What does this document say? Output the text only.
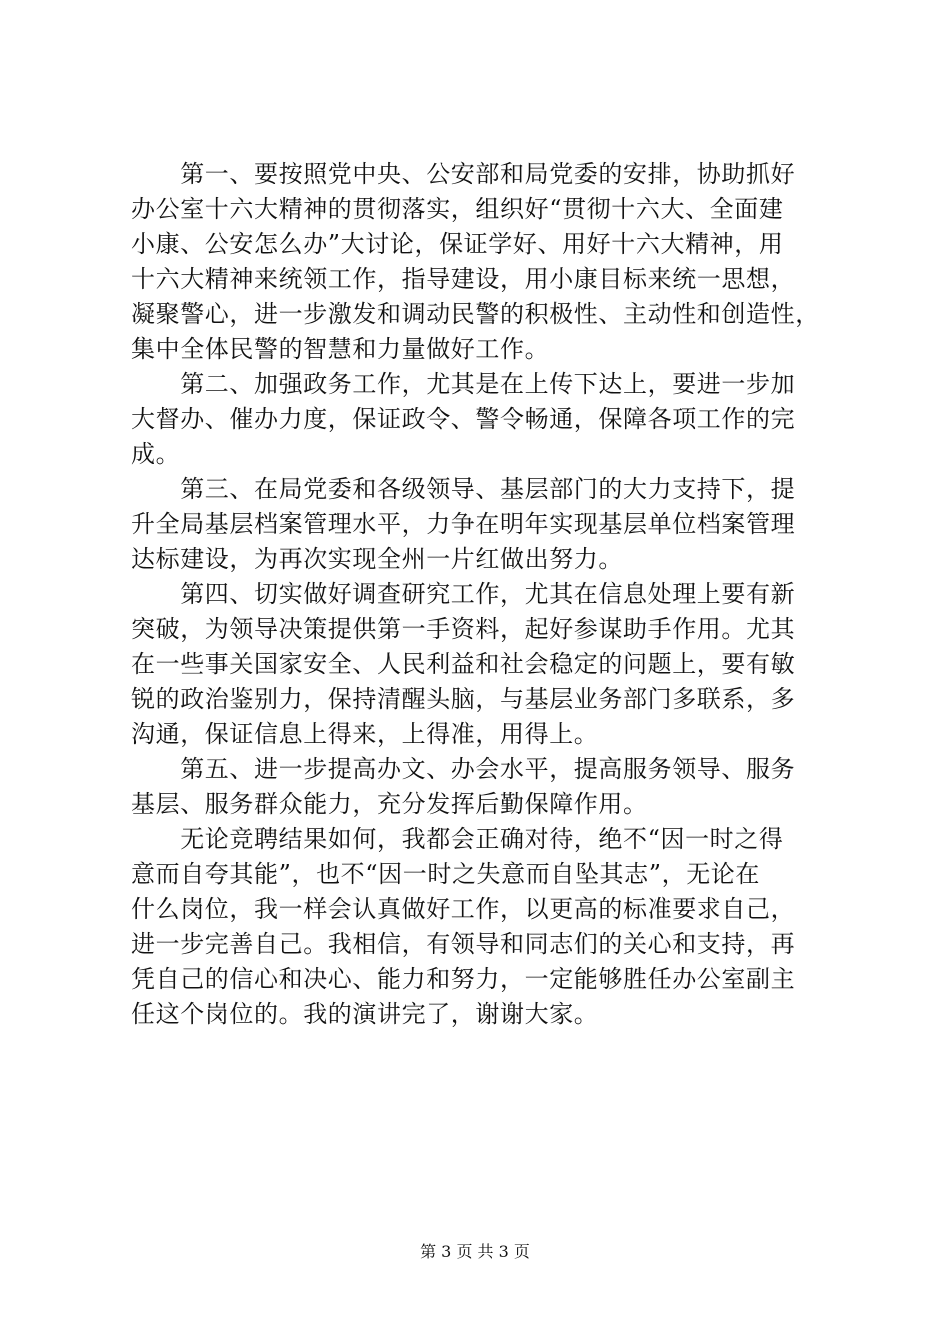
　　第一、要按照党中央、公安部和局党委的安排，协助抓好
办公室十六大精神的贯彻落实，组织好“贯彻十六大、全面建
小康、公安怎么办”大讨论，保证学好、用好十六大精神，用
十六大精神来统领工作，指导建设，用小康目标来统一思想，
凝聚警心，进一步激发和调动民警的积极性、主动性和创造性，
集中全体民警的智慧和力量做好工作。
　　第二、加强政务工作，尤其是在上传下达上，要进一步加
大督办、催办力度，保证政令、警令畅通，保障各项工作的完
成。
　　第三、在局党委和各级领导、基层部门的大力支持下，提
升全局基层档案管理水平，力争在明年实现基层单位档案管理
达标建设，为再次实现全州一片红做出努力。
　　第四、切实做好调查研究工作，尤其在信息处理上要有新
突破，为领导决策提供第一手资料，起好参谋助手作用。尤其
在一些事关国家安全、人民利益和社会稳定的问题上，要有敏
锐的政治鉴别力，保持清醒头脑，与基层业务部门多联系，多
沟通，保证信息上得来，上得准，用得上。
　　第五、进一步提高办文、办会水平，提高服务领导、服务
基层、服务群众能力，充分发挥后勤保障作用。
　　无论竞聘结果如何，我都会正确对待，绝不“因一时之得
意而自夸其能”，也不“因一时之失意而自坠其志”，无论在
什么岗位，我一样会认真做好工作，以更高的标准要求自己，
进一步完善自己。我相信，有领导和同志们的关心和支持，再
凭自己的信心和决心、能力和努力，一定能够胜任办公室副主
任这个岗位的。我的演讲完了，谢谢大家。
第 3 页 共 3 页
